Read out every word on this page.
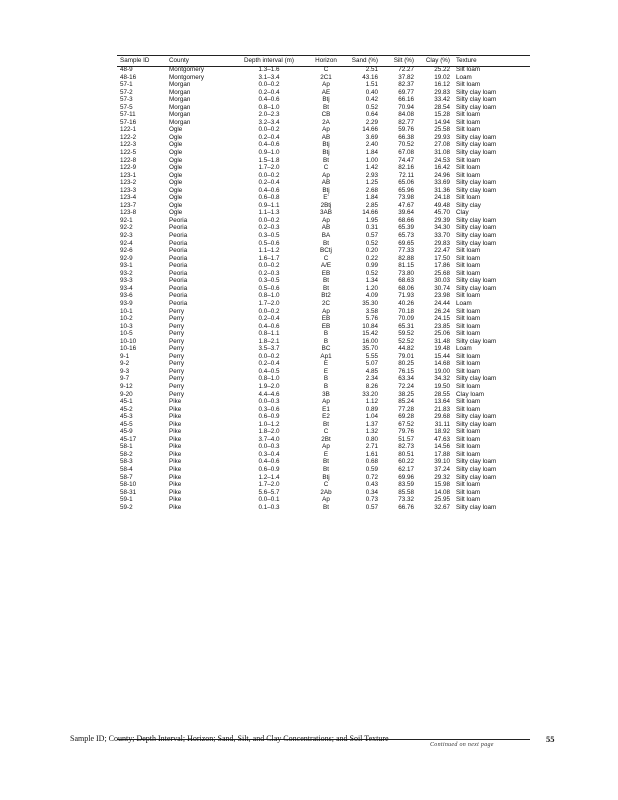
Sample ID	County	Depth interval (m)	Horizon	Sand (%)	Silt (%)	Clay (%)	Texture
48-9	Montgomery	1.3–1.6	C	2.51	72.27	25.22	Silt loam
48-16	Montgomery	3.1–3.4	2C1	43.16	37.82	19.02	Loam
57-1	Morgan	0.0–0.2	Ap	1.51	82.37	16.12	Silt loam
57-2	Morgan	0.2–0.4	AE	0.40	69.77	29.83	Silty clay loam
57-3	Morgan	0.4–0.6	Btj	0.42	66.16	33.42	Silty clay loam
57-5	Morgan	0.8–1.0	Bt	0.52	70.94	28.54	Silty clay loam
57-11	Morgan	2.0–2.3	CB	0.64	84.08	15.28	Silt loam
57-16	Morgan	3.2–3.4	2A	2.29	82.77	14.94	Silt loam
122-1	Ogle	0.0–0.2	Ap	14.66	59.76	25.58	Silt loam
122-2	Ogle	0.2–0.4	AB	3.69	66.38	29.93	Silty clay loam
122-3	Ogle	0.4–0.6	Btj	2.40	70.52	27.08	Silty clay loam
122-5	Ogle	0.9–1.0	Btj	1.84	67.08	31.08	Silty clay loam
122-8	Ogle	1.5–1.8	Bt	1.00	74.47	24.53	Silt loam
122-9	Ogle	1.7–2.0	C	1.42	82.16	16.42	Silt loam
123-1	Ogle	0.0–0.2	Ap	2.93	72.11	24.96	Silt loam
123-2	Ogle	0.2–0.4	AB	1.25	65.06	33.69	Silty clay loam
123-3	Ogle	0.4–0.6	Btj	2.68	65.96	31.36	Silty clay loam
123-4	Ogle	0.6–0.8	E'	1.84	73.98	24.18	Silt loam
123-7	Ogle	0.9–1.1	2Btj	2.85	47.67	49.48	Silty clay
123-8	Ogle	1.1–1.3	3AB	14.66	39.64	45.70	Clay
92-1	Peoria	0.0–0.2	Ap	1.95	68.66	29.39	Silty clay loam
92-2	Peoria	0.2–0.3	AB	0.31	65.39	34.30	Silty clay loam
92-3	Peoria	0.3–0.5	BA	0.57	65.73	33.70	Silty clay loam
92-4	Peoria	0.5–0.6	Bt	0.52	69.65	29.83	Silty clay loam
92-6	Peoria	1.1–1.2	BCtj	0.20	77.33	22.47	Silt loam
92-9	Peoria	1.6–1.7	C	0.22	82.88	17.50	Silt loam
93-1	Peoria	0.0–0.2	A/E	0.99	81.15	17.86	Silt loam
93-2	Peoria	0.2–0.3	EB	0.52	73.80	25.68	Silt loam
93-3	Peoria	0.3–0.5	Bt	1.34	68.63	30.03	Silty clay loam
93-4	Peoria	0.5–0.6	Bt	1.20	68.06	30.74	Silty clay loam
93-6	Peoria	0.8–1.0	Bt2	4.09	71.93	23.98	Silt loam
93-9	Peoria	1.7–2.0	2C	35.30	40.26	24.44	Loam
10-1	Perry	0.0–0.2	Ap	3.58	70.18	26.24	Silt loam
10-2	Perry	0.2–0.4	EB	5.76	70.09	24.15	Silt loam
10-3	Perry	0.4–0.6	EB	10.84	65.31	23.85	Silt loam
10-5	Perry	0.8–1.1	B	15.42	59.52	25.06	Silt loam
10-10	Perry	1.8–2.1	B	16.00	52.52	31.48	Silty clay loam
10-16	Perry	3.5–3.7	BC	35.70	44.82	19.48	Loam
9-1	Perry	0.0–0.2	Ap1	5.55	79.01	15.44	Silt loam
9-2	Perry	0.2–0.4	E	5.07	80.25	14.68	Silt loam
9-3	Perry	0.4–0.5	E	4.85	76.15	19.00	Silt loam
9-7	Perry	0.8–1.0	B	2.34	63.34	34.32	Silty clay loam
9-12	Perry	1.9–2.0	B	8.26	72.24	19.50	Silt loam
9-20	Perry	4.4–4.6	3B	33.20	38.25	28.55	Clay loam
45-1	Pike	0.0–0.3	Ap	1.12	85.24	13.64	Silt loam
45-2	Pike	0.3–0.6	E1	0.89	77.28	21.83	Silt loam
45-3	Pike	0.6–0.9	E2	1.04	69.28	29.68	Silty clay loam
45-5	Pike	1.0–1.2	Bt	1.37	67.52	31.11	Silty clay loam
45-9	Pike	1.8–2.0	C	1.32	79.76	18.92	Silt loam
45-17	Pike	3.7–4.0	2Bt	0.80	51.57	47.63	Silt loam
58-1	Pike	0.0–0.3	Ap	2.71	82.73	14.56	Silt loam
58-2	Pike	0.3–0.4	E	1.61	80.51	17.88	Silt loam
58-3	Pike	0.4–0.6	Bt	0.68	60.22	39.10	Silty clay loam
58-4	Pike	0.6–0.9	Bt	0.59	62.17	37.24	Silty clay loam
58-7	Pike	1.2–1.4	Btj	0.72	69.96	29.32	Silty clay loam
58-10	Pike	1.7–2.0	C	0.43	83.59	15.98	Silt loam
58-31	Pike	5.6–5.7	2Ab	0.34	85.58	14.08	Silt loam
59-1	Pike	0.0–0.1	Ap	0.73	73.32	25.95	Silt loam
59-2	Pike	0.1–0.3	Bt	0.57	66.76	32.67	Silty clay loam
Continued on next page
Sample ID; County; Depth Interval; Horizon; Sand, Silt, and Clay Concentrations; and Soil Texture	55
